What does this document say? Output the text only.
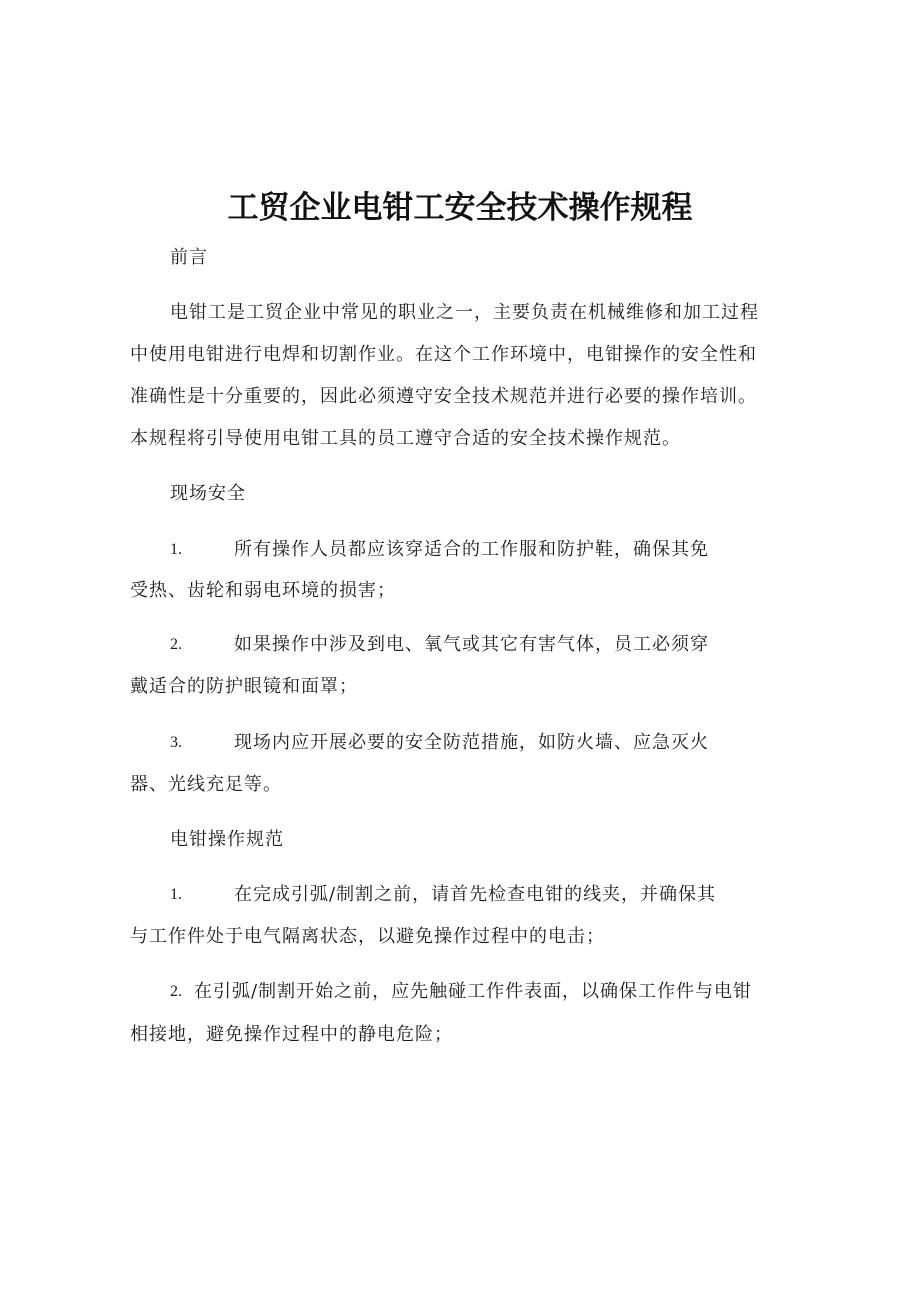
工贸企业电钳工安全技术操作规程

前言

电钳工是工贸企业中常见的职业之一，主要负责在机械维修和加工过程

中使用电钳进行电焊和切割作业。在这个工作环境中，电钳操作的安全性和

准确性是十分重要的，因此必须遵守安全技术规范并进行必要的操作培训。

本规程将引导使用电钳工具的员工遵守合适的安全技术操作规范。

现场安全

1.	所有操作人员都应该穿适合的工作服和防护鞋，确保其免

受热、齿轮和弱电环境的损害；

2.	如果操作中涉及到电、氧气或其它有害气体，员工必须穿

戴适合的防护眼镜和面罩；

3.	现场内应开展必要的安全防范措施，如防火墙、应急灭火

器、光线充足等。

电钳操作规范

1.	在完成引弧/制割之前，请首先检查电钳的线夹，并确保其

与工作件处于电气隔离状态，以避免操作过程中的电击；

2. 在引弧/制割开始之前，应先触碰工作件表面，以确保工作件与电钳

相接地，避免操作过程中的静电危险；
